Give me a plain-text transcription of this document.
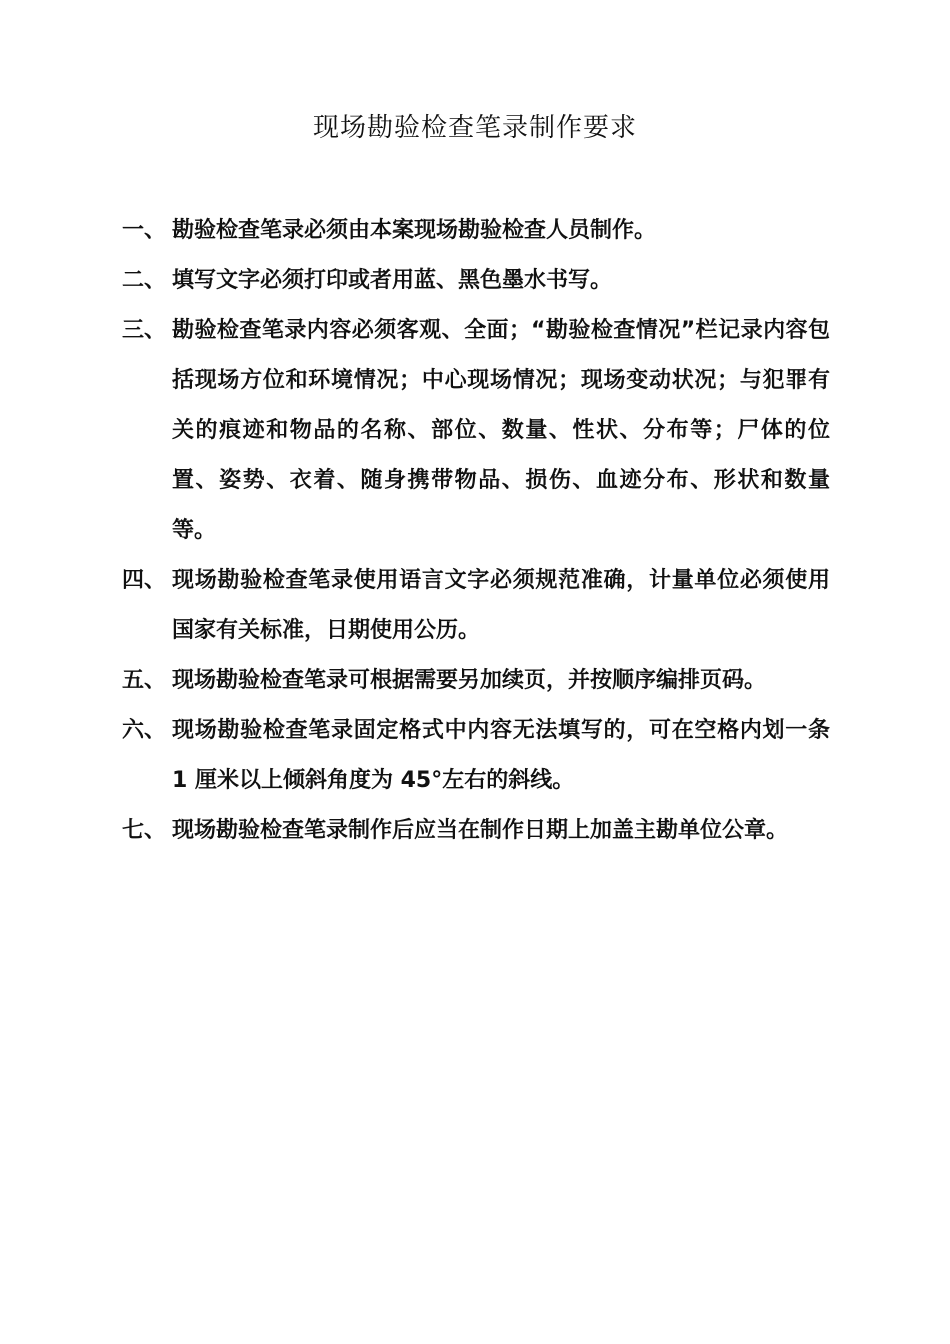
现场勘验检查笔录制作要求
一、 勘验检查笔录必须由本案现场勘验检查人员制作。
二、 填写文字必须打印或者用蓝、黑色墨水书写。
三、 勘验检查笔录内容必须客观、全面；“勘验检查情况”栏记录内容包括现场方位和环境情况；中心现场情况；现场变动状况；与犯罪有关的痕迹和物品的名称、部位、数量、性状、分布等；尸体的位置、姿势、衣着、随身携带物品、损伤、血迹分布、形状和数量等。
四、 现场勘验检查笔录使用语言文字必须规范准确，计量单位必须使用国家有关标准，日期使用公历。
五、 现场勘验检查笔录可根据需要另加续页，并按顺序编排页码。
六、 现场勘验检查笔录固定格式中内容无法填写的，可在空格内划一条 1 厘米以上倾斜角度为 45°左右的斜线。
七、 现场勘验检查笔录制作后应当在制作日期上加盖主勘单位公章。
